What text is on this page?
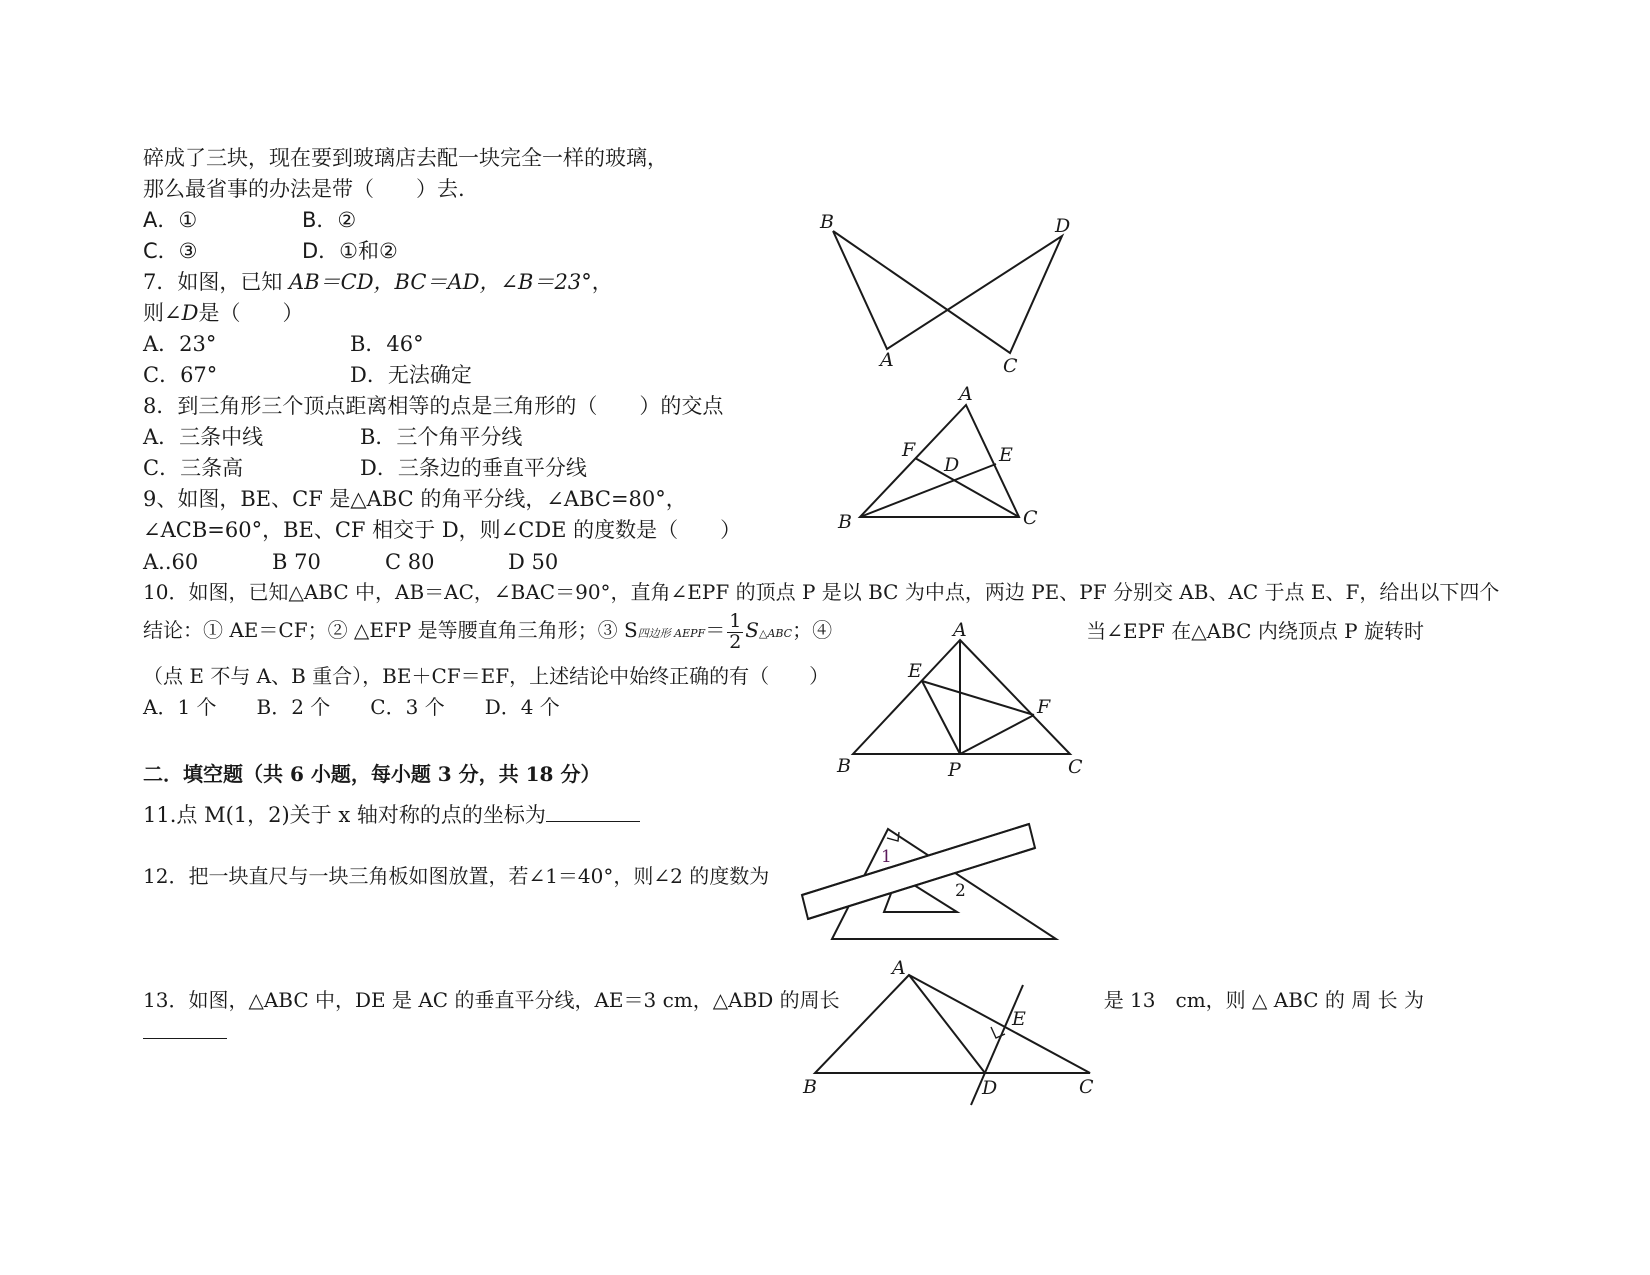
碎成了三块，现在要到玻璃店去配一块完全一样的玻璃，
那么最省事的办法是带（　　）去.
A．①	B．②
C．③	D．①和②
7．如图，已知 AB＝CD，BC＝AD，∠B＝23°，
则∠D是（　　）
A．23°	B．46°
C．67°	D．无法确定
B	D
A	C
8．到三角形三个顶点距离相等的点是三角形的（　　）的交点
A．三条中线	B．三个角平分线
C．三条高	D．三条边的垂直平分线
9、如图，BE、CF 是△ABC 的角平分线，∠ABC=80°，
∠ACB=60°，BE、CF 相交于 D，则∠CDE 的度数是（　　）
A..60	B 70	C 80	D 50
A
F	E
D
B	C
10．如图，已知△ABC 中，AB＝AC，∠BAC＝90°，直角∠EPF 的顶点 P 是以 BC 为中点，两边 PE、PF 分别交 AB、AC 于点 E、F，给出以下四个
结论：① AE＝CF；② △EFP 是等腰直角三角形；③ S四边形 AEPF＝ $\frac{1}{2}$ S△ABC；④	当∠EPF 在△ABC 内绕顶点 P 旋转时
（点 E 不与 A、B 重合），BE＋CF＝EF，上述结论中始终正确的有（　　）
A．1 个　　B．2 个　　C．3 个　　D．4 个
A
E
F
B	P	C
二．填空题（共 6 小题，每小题 3 分，共 18 分）
11.点 M(1，2)关于 x 轴对称的点的坐标为
12．把一块直尺与一块三角板如图放置，若∠1＝40°，则∠2 的度数为
1
2
13．如图，△ABC 中，DE 是 AC 的垂直平分线，AE＝3 cm，△ABD 的周长	是 13　cm，则 △ ABC 的 周 长 为
A
E
B	D	C
